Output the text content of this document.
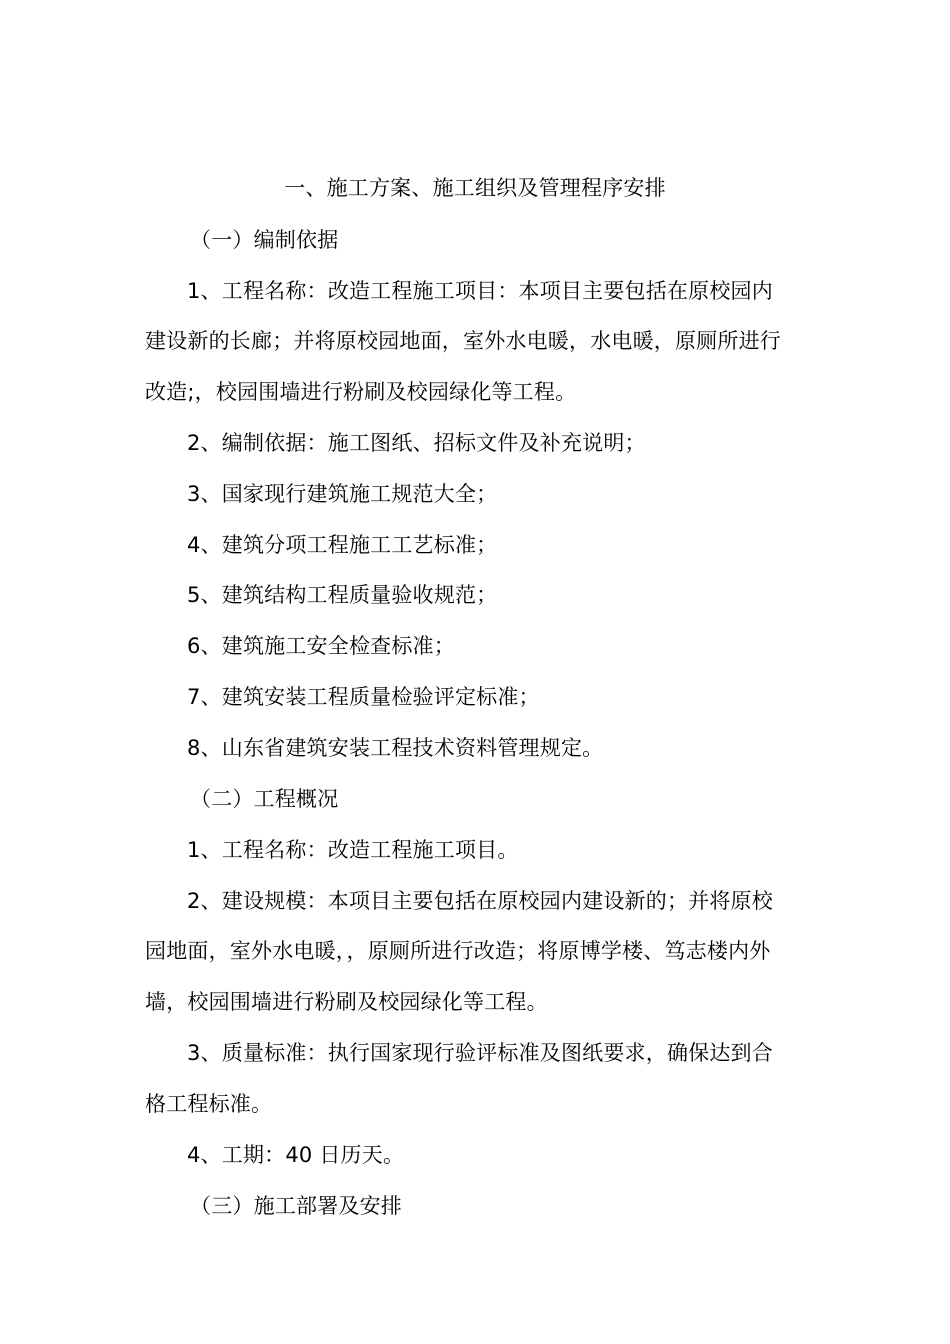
一、施工方案、施工组织及管理程序安排
（一）编制依据
1、工程名称：改造工程施工项目：本项目主要包括在原校园内
建设新的长廊；并将原校园地面，室外水电暖，水电暖，原厕所进行
改造;，校园围墙进行粉刷及校园绿化等工程。
2、编制依据：施工图纸、招标文件及补充说明；
3、国家现行建筑施工规范大全；
4、建筑分项工程施工工艺标准；
5、建筑结构工程质量验收规范；
6、建筑施工安全检查标准；
7、建筑安装工程质量检验评定标准；
8、山东省建筑安装工程技术资料管理规定。
（二）工程概况
1、工程名称：改造工程施工项目。
2、建设规模：本项目主要包括在原校园内建设新的；并将原校
园地面，室外水电暖，，原厕所进行改造；将原博学楼、笃志楼内外
墙，校园围墙进行粉刷及校园绿化等工程。
3、质量标准：执行国家现行验评标准及图纸要求，确保达到合
格工程标准。
4、工期：40 日历天。
（三）施工部署及安排
